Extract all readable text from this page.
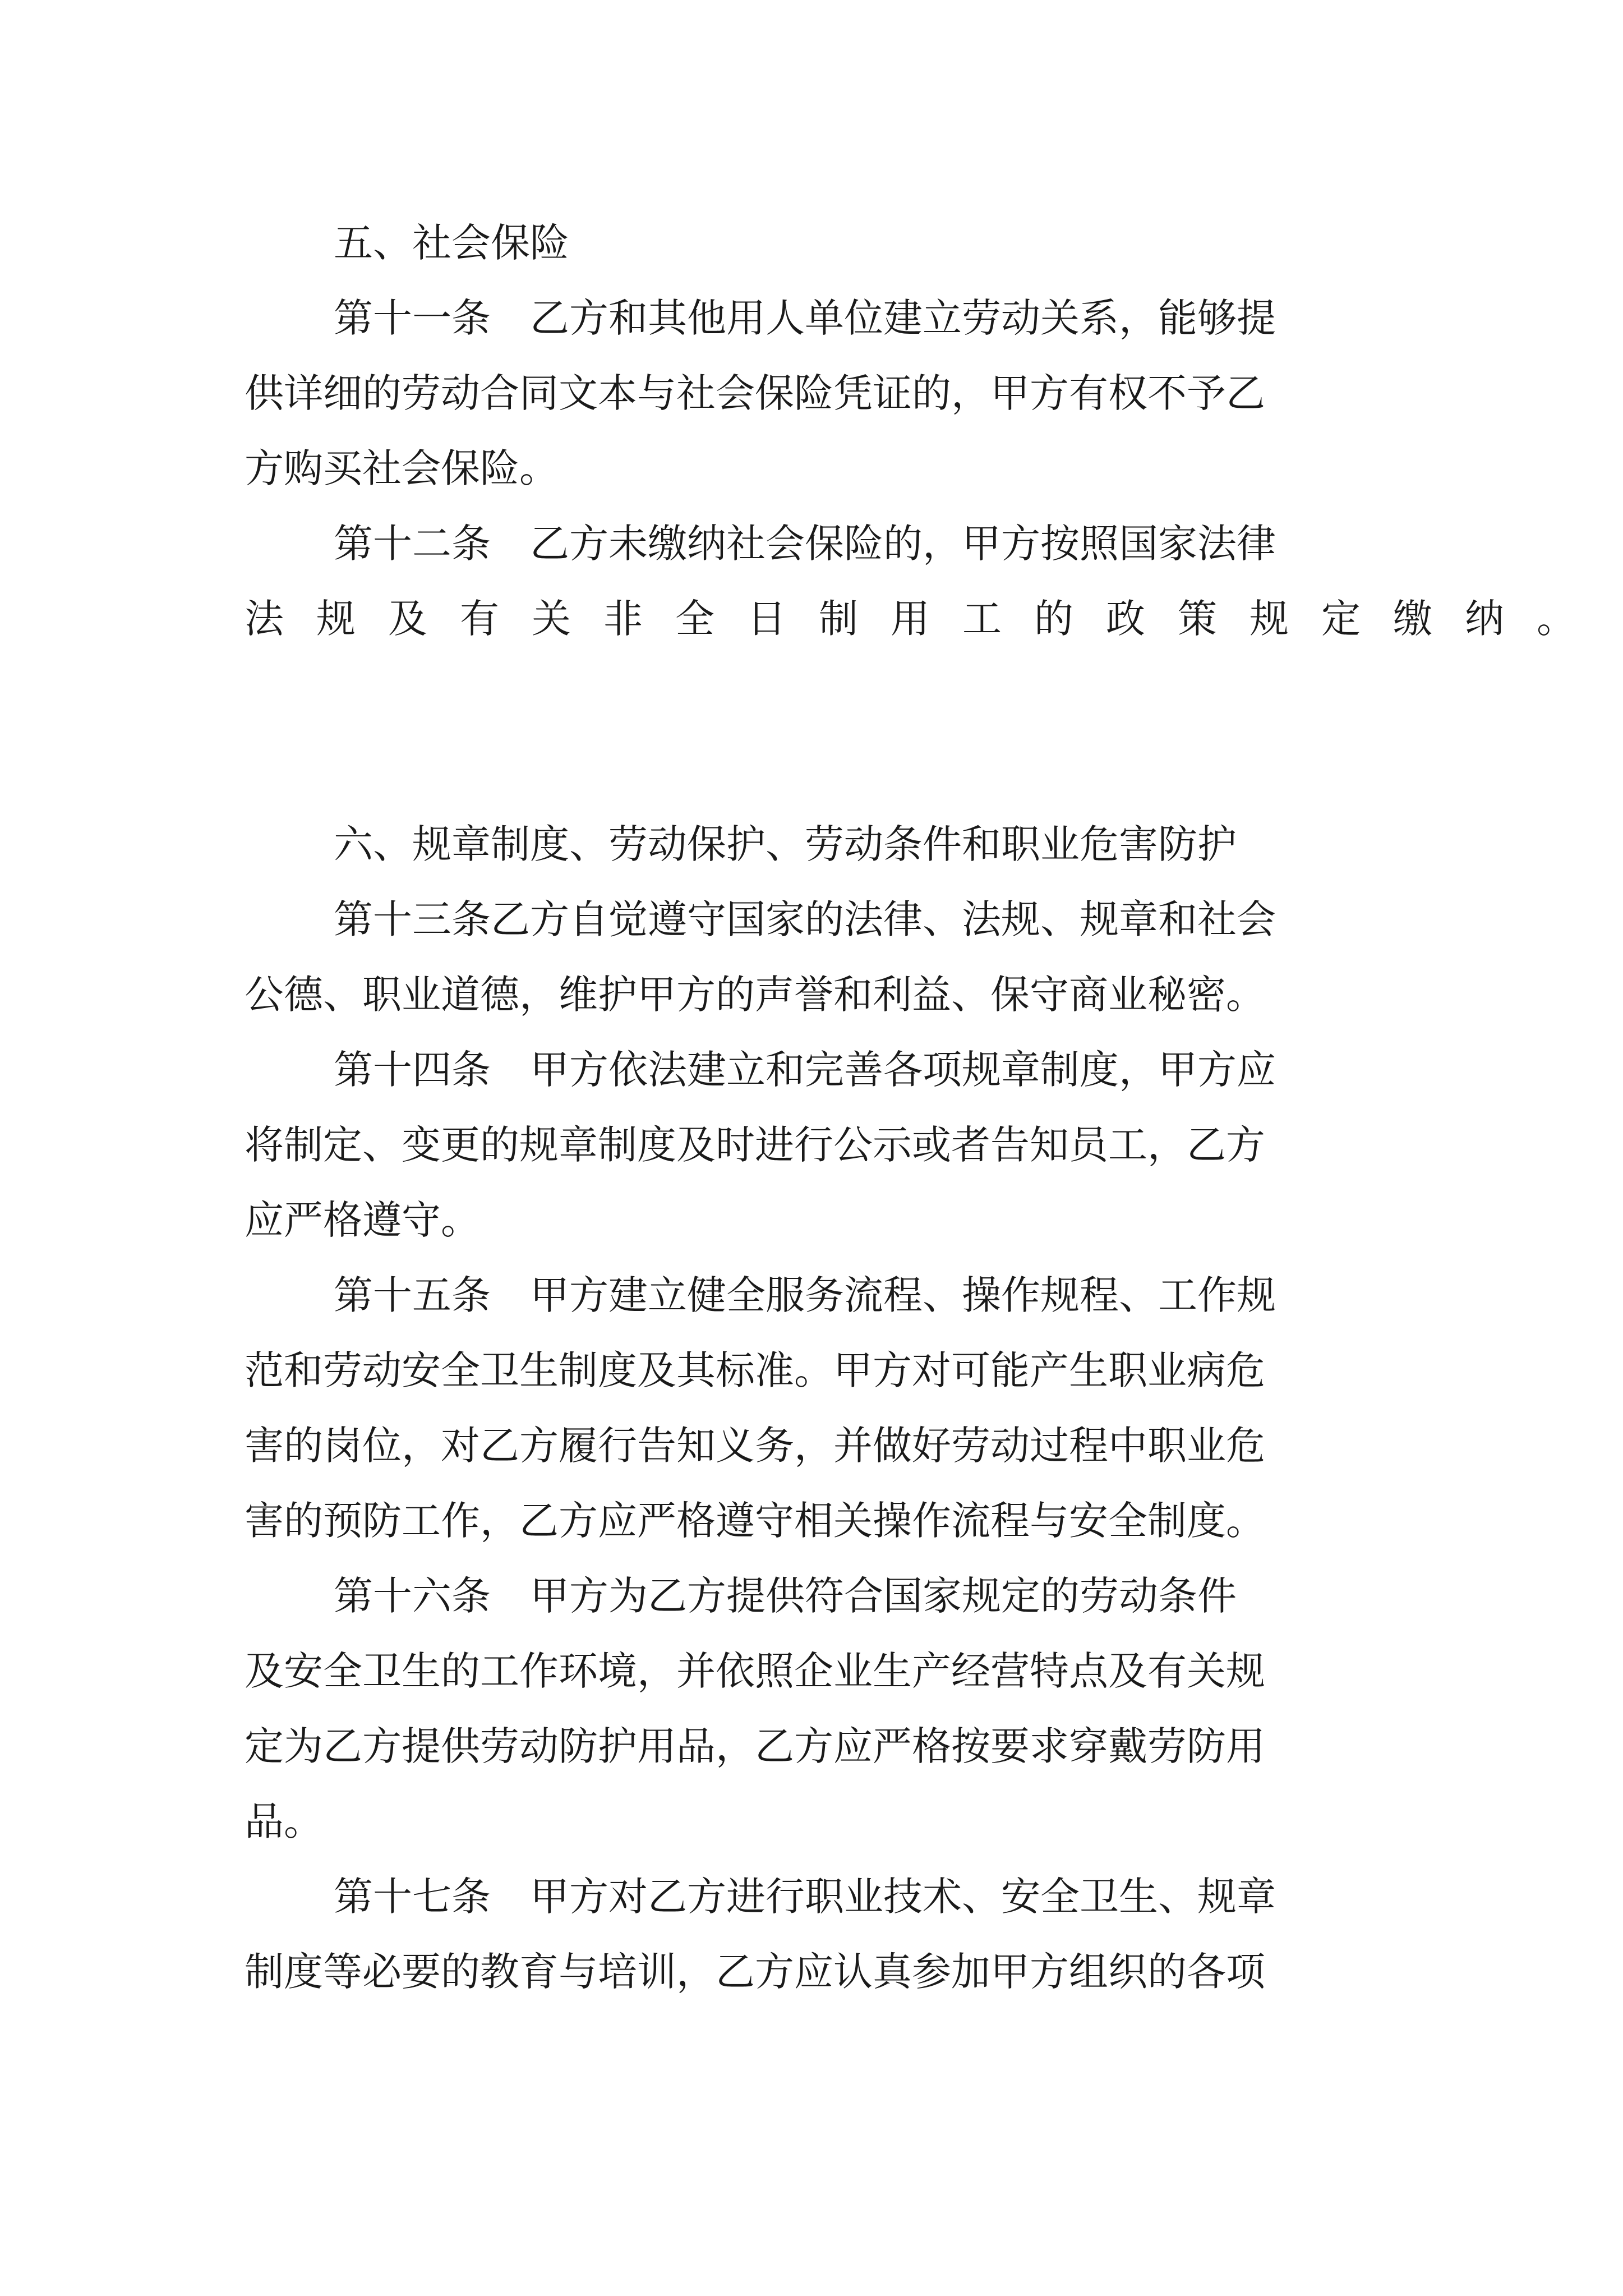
五、社会保险

第十一条　乙方和其他用人单位建立劳动关系，能够提

供详细的劳动合同文本与社会保险凭证的，甲方有权不予乙

方购买社会保险。

第十二条　乙方未缴纳社会保险的，甲方按照国家法律

法规及有关非全日制用工的政策规定缴纳。

六、规章制度、劳动保护、劳动条件和职业危害防护

第十三条乙方自觉遵守国家的法律、法规、规章和社会

公德、职业道德，维护甲方的声誉和利益、保守商业秘密。

第十四条　甲方依法建立和完善各项规章制度，甲方应

将制定、变更的规章制度及时进行公示或者告知员工，乙方

应严格遵守。

第十五条　甲方建立健全服务流程、操作规程、工作规

范和劳动安全卫生制度及其标准。甲方对可能产生职业病危

害的岗位，对乙方履行告知义务，并做好劳动过程中职业危

害的预防工作，乙方应严格遵守相关操作流程与安全制度。

第十六条　甲方为乙方提供符合国家规定的劳动条件

及安全卫生的工作环境，并依照企业生产经营特点及有关规

定为乙方提供劳动防护用品，乙方应严格按要求穿戴劳防用

品。

第十七条　甲方对乙方进行职业技术、安全卫生、规章

制度等必要的教育与培训，乙方应认真参加甲方组织的各项
